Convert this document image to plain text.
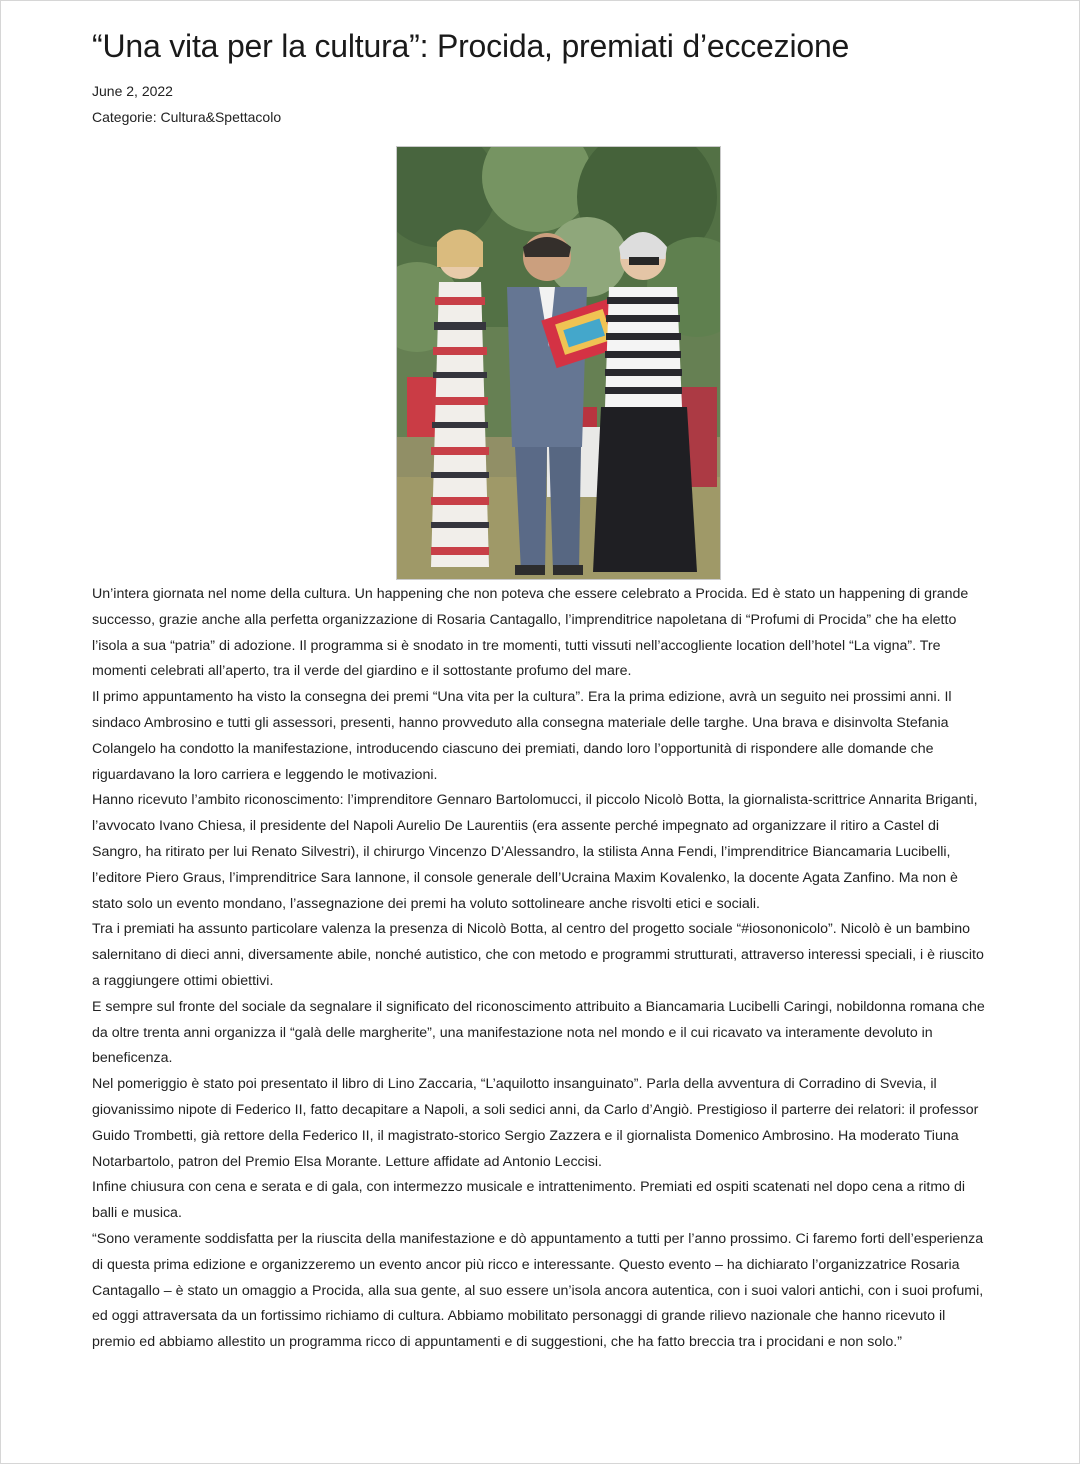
“Una vita per la cultura”: Procida, premiati d’eccezione
June 2, 2022
Categorie: Cultura&Spettacolo

Un’intera giornata nel nome della cultura. Un happening che non poteva che essere celebrato a Procida. Ed è stato un happening di grande successo, grazie anche alla perfetta organizzazione di Rosaria Cantagallo, l’imprenditrice napoletana di “Profumi di Procida” che ha eletto l’isola a sua “patria” di adozione. Il programma si è snodato in tre momenti, tutti vissuti nell’accogliente location dell’hotel “La vigna”. Tre momenti celebrati all’aperto, tra il verde del giardino e il sottostante profumo del mare.

Il primo appuntamento ha visto la consegna dei premi “Una vita per la cultura”. Era la prima edizione, avrà un seguito nei prossimi anni. Il sindaco Ambrosino e tutti gli assessori, presenti, hanno provveduto alla consegna materiale delle targhe. Una brava e disinvolta Stefania Colangelo ha condotto la manifestazione, introducendo ciascuno dei premiati, dando loro l’opportunità di rispondere alle domande che riguardavano la loro carriera e leggendo le motivazioni.

Hanno ricevuto l’ambito riconoscimento: l’imprenditore Gennaro Bartolomucci, il piccolo Nicolò Botta, la giornalista-scrittrice Annarita Briganti, l’avvocato Ivano Chiesa, il presidente del Napoli Aurelio De Laurentiis (era assente perché impegnato ad organizzare il ritiro a Castel di Sangro, ha ritirato per lui Renato Silvestri), il chirurgo Vincenzo D’Alessandro, la stilista Anna Fendi, l’imprenditrice Biancamaria Lucibelli, l’editore Piero Graus, l’imprenditrice Sara Iannone, il console generale dell’Ucraina Maxim Kovalenko, la docente Agata Zanfino. Ma non è stato solo un evento mondano, l’assegnazione dei premi ha voluto sottolineare anche risvolti etici e sociali.

Tra i premiati ha assunto particolare valenza la presenza di Nicolò Botta, al centro del progetto sociale “#iosononicolo”. Nicolò è un bambino salernitano di dieci anni, diversamente abile, nonché autistico, che con metodo e programmi strutturati, attraverso interessi speciali, i è riuscito a raggiungere ottimi obiettivi.

E sempre sul fronte del sociale da segnalare il significato del riconoscimento attribuito a Biancamaria Lucibelli Caringi, nobildonna romana che da oltre trenta anni organizza il “galà delle margherite”, una manifestazione nota nel mondo e il cui ricavato va interamente devoluto in beneficenza.

Nel pomeriggio è stato poi presentato il libro di Lino Zaccaria, “L’aquilotto insanguinato”. Parla della avventura di Corradino di Svevia, il giovanissimo nipote di Federico II, fatto decapitare a Napoli, a soli sedici anni, da Carlo d’Angiò. Prestigioso il parterre dei relatori: il professor Guido Trombetti, già rettore della Federico II, il magistrato-storico Sergio Zazzera e il giornalista Domenico Ambrosino. Ha moderato Tiuna Notarbartolo, patron del Premio Elsa Morante. Letture affidate ad Antonio Leccisi.

Infine chiusura con cena e serata e di gala, con intermezzo musicale e intrattenimento. Premiati ed ospiti scatenati nel dopo cena a ritmo di balli e musica.

“Sono veramente soddisfatta per la riuscita della manifestazione e dò appuntamento a tutti per l’anno prossimo. Ci faremo forti dell’esperienza di questa prima edizione e organizzeremo un evento ancor più ricco e interessante. Questo evento – ha dichiarato l’organizzatrice Rosaria Cantagallo – è stato un omaggio a Procida, alla sua gente, al suo essere un’isola ancora autentica, con i suoi valori antichi, con i suoi profumi, ed oggi attraversata da un fortissimo richiamo di cultura. Abbiamo mobilitato personaggi di grande rilievo nazionale che hanno ricevuto il premio ed abbiamo allestito un programma ricco di appuntamenti e di suggestioni, che ha fatto breccia tra i procidani e non solo.”
